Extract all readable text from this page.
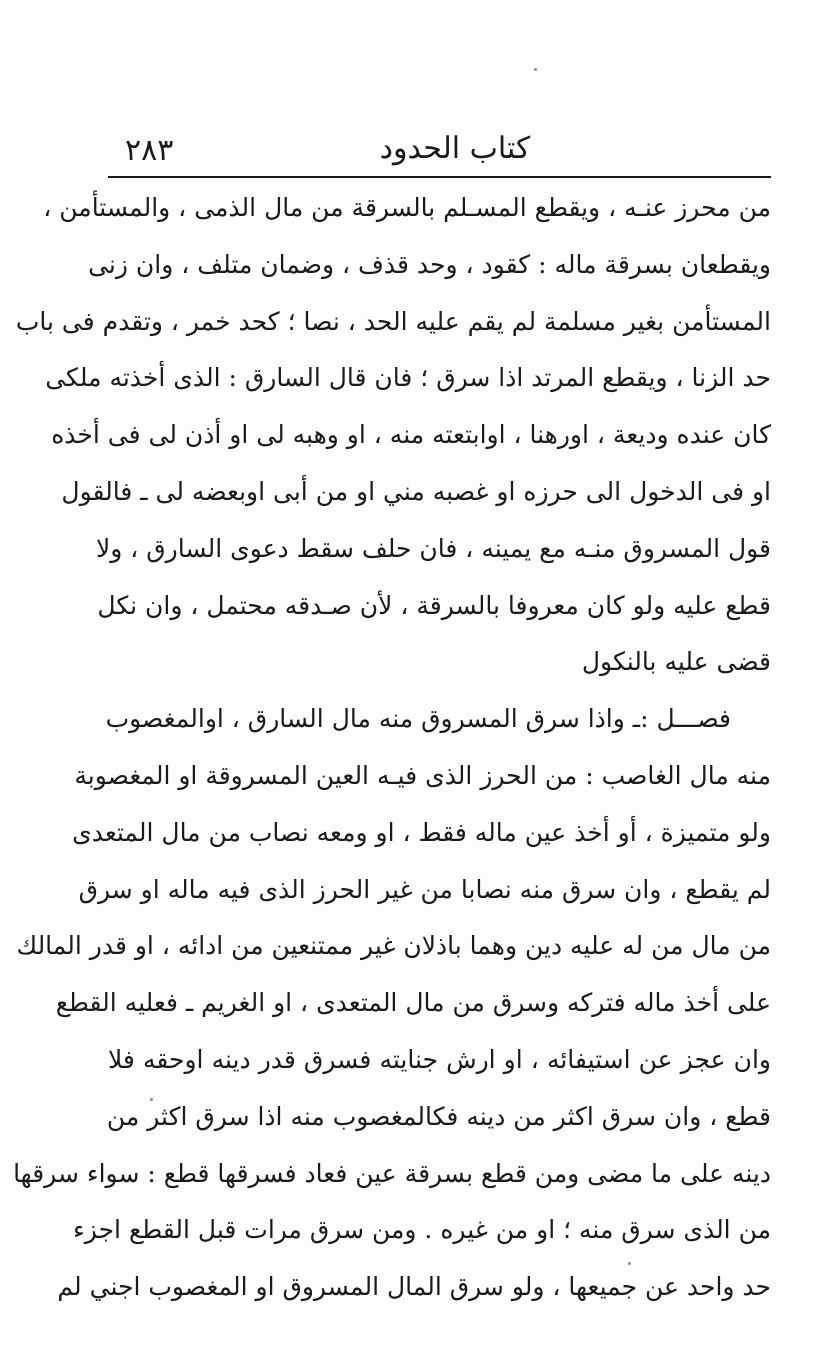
٢٨٣	كتاب الحدود
من محرز عنـه ، ويقطع المسـلم بالسرقة من مال الذمى ، والمستأمن ،
ويقطعان بسرقة ماله : كقود ، وحد قذف ، وضمان متلف ، وان زنى
المستأمن بغير مسلمة لم يقم عليه الحد ، نصا ؛ كحد خمر ، وتقدم فى باب
حد الزنا ، ويقطع المرتد اذا سرق ؛ فان قال السارق : الذى أخذته ملكى
كان عنده وديعة ، اورهنا ، اوابتعته منه ، او وهبه لى او أذن لى فى أخذه
او فى الدخول الى حرزه او غصبه مني او من أبى اوبعضه لى ـ فالقول
قول المسروق منـه مع يمينه ، فان حلف سقط دعوى السارق ، ولا
قطع عليه ولو كان معروفا بالسرقة ، لأن صـدقه محتمل ، وان نكل
قضى عليه بالنكول
فصـــل :ـ واذا سرق المسروق منه مال السارق ، اوالمغصوب
منه مال الغاصب : من الحرز الذى فيـه العين المسروقة او المغصوبة
ولو متميزة ، أو أخذ عين ماله فقط ، او ومعه نصاب من مال المتعدى
لم يقطع ، وان سرق منه نصابا من غير الحرز الذى فيه ماله او سرق
من مال من له عليه دين وهما باذلان غير ممتنعين من ادائه ، او قدر المالك
على أخذ ماله فتركه وسرق من مال المتعدى ، او الغريم ـ فعليه القطع
وان عجز عن استيفائه ، او ارش جنايته فسرق قدر دينه اوحقه فلا
قطع ، وان سرق اكثر من دينه فكالمغصوب منه اذا سرق اكثر من
دينه على ما مضى ومن قطع بسرقة عين فعاد فسرقها قطع : سواء سرقها
من الذى سرق منه ؛ او من غيره . ومن سرق مرات قبل القطع اجزء
حد واحد عن جميعها ، ولو سرق المال المسروق او المغصوب اجني لم
